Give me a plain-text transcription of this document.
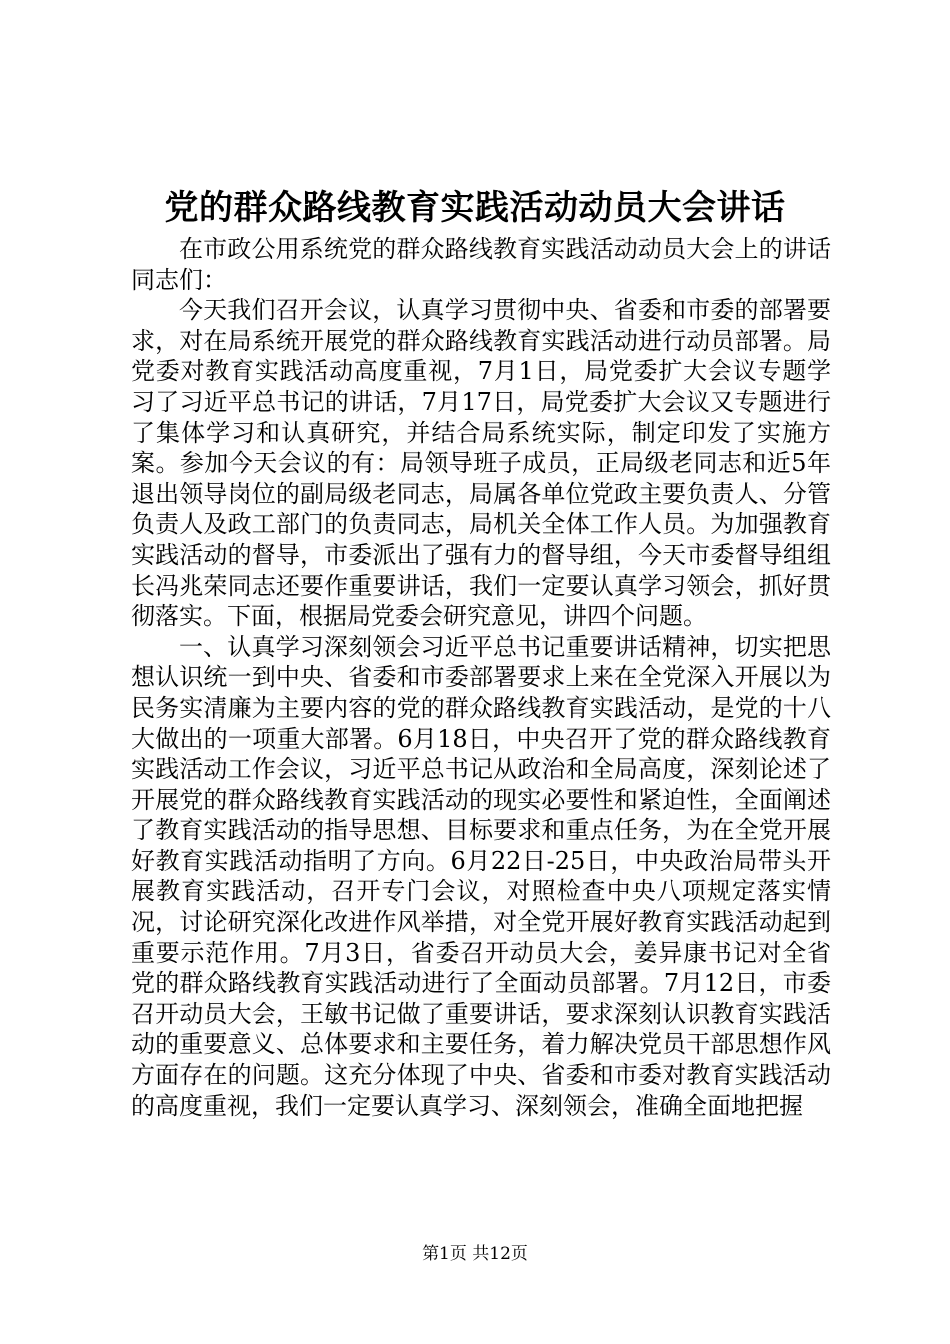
党的群众路线教育实践活动动员大会讲话

在市政公用系统党的群众路线教育实践活动动员大会上的讲话同志们：

今天我们召开会议，认真学习贯彻中央、省委和市委的部署要求，对在局系统开展党的群众路线教育实践活动进行动员部署。局党委对教育实践活动高度重视，7月1日，局党委扩大会议专题学习了习近平总书记的讲话，7月17日，局党委扩大会议又专题进行了集体学习和认真研究，并结合局系统实际，制定印发了实施方案。参加今天会议的有：局领导班子成员，正局级老同志和近5年退出领导岗位的副局级老同志，局属各单位党政主要负责人、分管负责人及政工部门的负责同志，局机关全体工作人员。为加强教育实践活动的督导，市委派出了强有力的督导组，今天市委督导组组长冯兆荣同志还要作重要讲话，我们一定要认真学习领会，抓好贯彻落实。下面，根据局党委会研究意见，讲四个问题。

一、认真学习深刻领会习近平总书记重要讲话精神，切实把思想认识统一到中央、省委和市委部署要求上来在全党深入开展以为民务实清廉为主要内容的党的群众路线教育实践活动，是党的十八大做出的一项重大部署。6月18日，中央召开了党的群众路线教育实践活动工作会议，习近平总书记从政治和全局高度，深刻论述了开展党的群众路线教育实践活动的现实必要性和紧迫性，全面阐述了教育实践活动的指导思想、目标要求和重点任务，为在全党开展好教育实践活动指明了方向。6月22日-25日，中央政治局带头开展教育实践活动，召开专门会议，对照检查中央八项规定落实情况，讨论研究深化改进作风举措，对全党开展好教育实践活动起到重要示范作用。7月3日，省委召开动员大会，姜异康书记对全省党的群众路线教育实践活动进行了全面动员部署。7月12日，市委召开动员大会，王敏书记做了重要讲话，要求深刻认识教育实践活动的重要意义、总体要求和主要任务，着力解决党员干部思想作风方面存在的问题。这充分体现了中央、省委和市委对教育实践活动的高度重视，我们一定要认真学习、深刻领会，准确全面地把握

第1页 共12页
